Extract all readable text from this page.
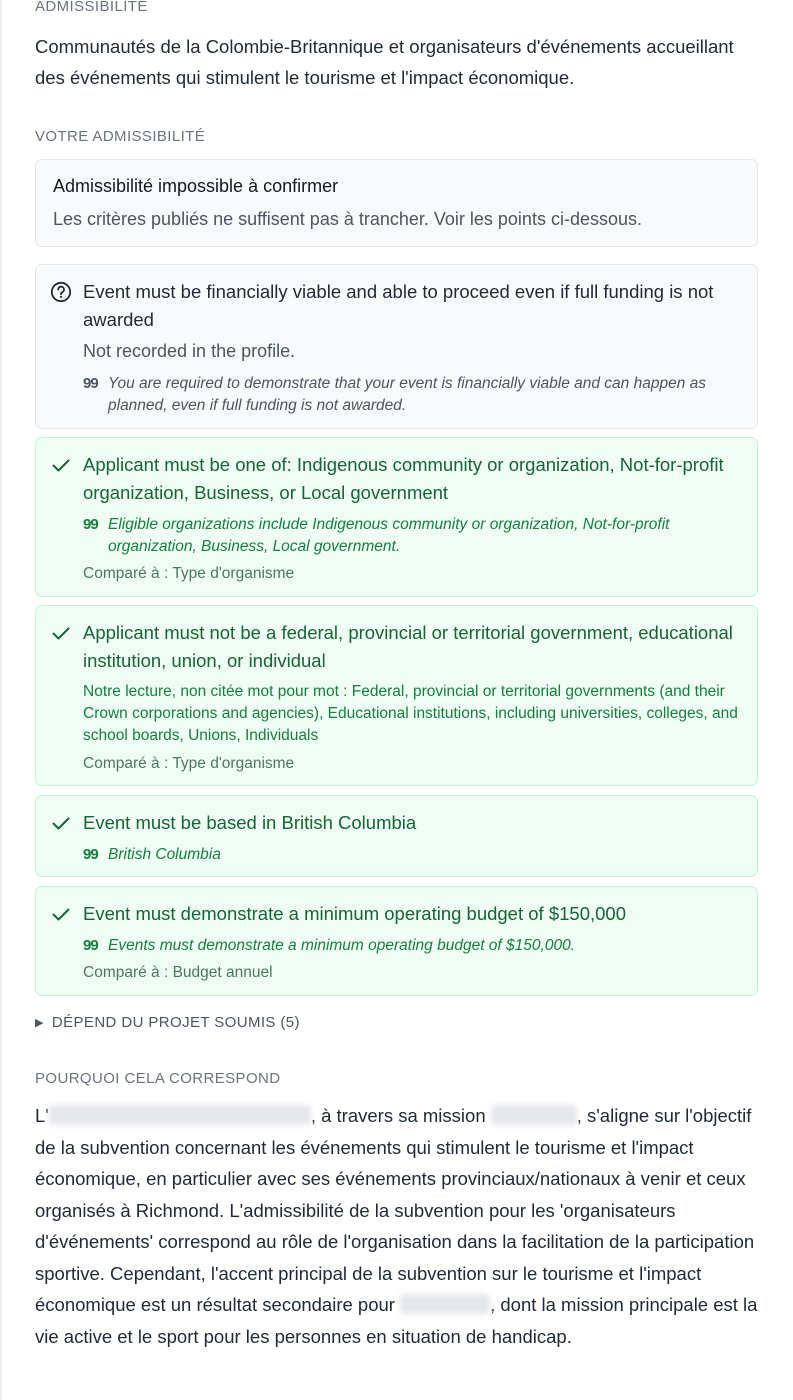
ADMISSIBILITE
Communautés de la Colombie-Britannique et organisateurs d'événements accueillant des événements qui stimulent le tourisme et l'impact économique.
VOTRE ADMISSIBILITÉ
Admissibilité impossible à confirmer
Les critères publiés ne suffisent pas à trancher. Voir les points ci-dessous.
Event must be financially viable and able to proceed even if full funding is not awarded
Not recorded in the profile.
99 You are required to demonstrate that your event is financially viable and can happen as planned, even if full funding is not awarded.
Applicant must be one of: Indigenous community or organization, Not-for-profit organization, Business, or Local government
99 Eligible organizations include Indigenous community or organization, Not-for-profit organization, Business, Local government.
Comparé à : Type d'organisme
Applicant must not be a federal, provincial or territorial government, educational institution, union, or individual
Notre lecture, non citée mot pour mot : Federal, provincial or territorial governments (and their Crown corporations and agencies), Educational institutions, including universities, colleges, and school boards, Unions, Individuals
Comparé à : Type d'organisme
Event must be based in British Columbia
99 British Columbia
Event must demonstrate a minimum operating budget of $150,000
99 Events must demonstrate a minimum operating budget of $150,000.
Comparé à : Budget annuel
▶ DÉPEND DU PROJET SOUMIS (5)
POURQUOI CELA CORRESPOND
L'	, à travers sa mission	, s'aligne sur l'objectif de la subvention concernant les événements qui stimulent le tourisme et l'impact économique, en particulier avec ses événements provinciaux/nationaux à venir et ceux organisés à Richmond. L'admissibilité de la subvention pour les 'organisateurs d'événements' correspond au rôle de l'organisation dans la facilitation de la participation sportive. Cependant, l'accent principal de la subvention sur le tourisme et l'impact économique est un résultat secondaire pour	, dont la mission principale est la vie active et le sport pour les personnes en situation de handicap.
